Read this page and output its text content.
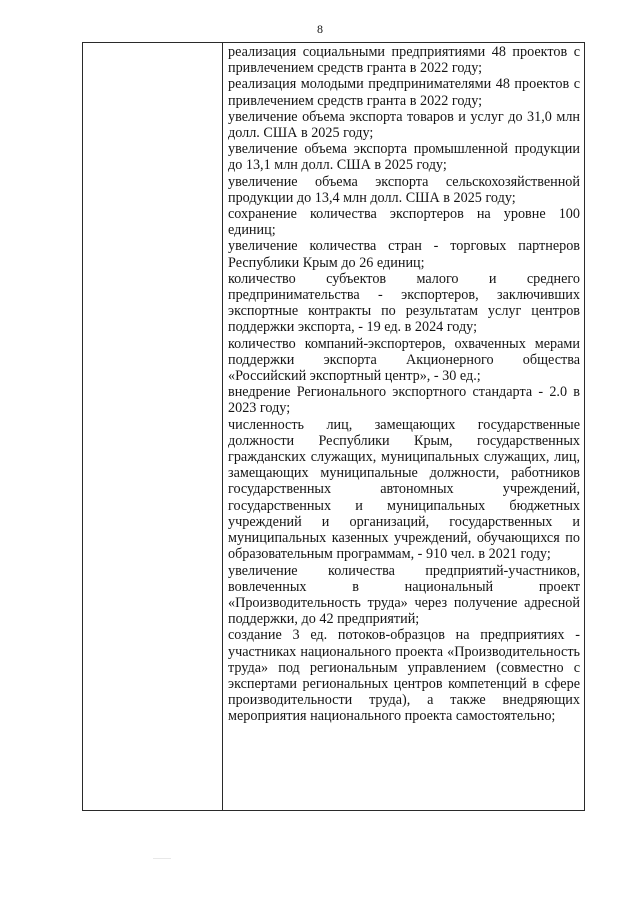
8

реализация социальными предприятиями 48 проектов с привлечением средств гранта в 2022 году;

реализация молодыми предпринимателями 48 проектов с привлечением средств гранта в 2022 году;

увеличение объема экспорта товаров и услуг до 31,0 млн долл. США в 2025 году;

увеличение объема экспорта промышленной продукции до 13,1 млн долл. США в 2025 году;

увеличение объема экспорта сельскохозяйственной продукции до 13,4 млн долл. США в 2025 году;

сохранение количества экспортеров на уровне 100 единиц;

увеличение количества стран - торговых партнеров Республики Крым до 26 единиц;

количество субъектов малого и среднего предпринимательства - экспортеров, заключивших экспортные контракты по результатам услуг центров поддержки экспорта, - 19 ед. в 2024 году;

количество компаний-экспортеров, охваченных мерами поддержки экспорта Акционерного общества «Российский экспортный центр», - 30 ед.;

внедрение Регионального экспортного стандарта - 2.0 в 2023 году;

численность лиц, замещающих государственные должности Республики Крым, государственных гражданских служащих, муниципальных служащих, лиц, замещающих муниципальные должности, работников государственных автономных учреждений, государственных и муниципальных бюджетных учреждений и организаций, государственных и муниципальных казенных учреждений, обучающихся по образовательным программам, - 910 чел. в 2021 году;

увеличение количества предприятий-участников, вовлеченных в национальный проект «Производительность труда» через получение адресной поддержки, до 42 предприятий;

создание 3 ед. потоков-образцов на предприятиях - участниках национального проекта «Производительность труда» под региональным управлением (совместно с экспертами региональных центров компетенций в сфере производительности труда), а также внедряющих мероприятия национального проекта самостоятельно;
